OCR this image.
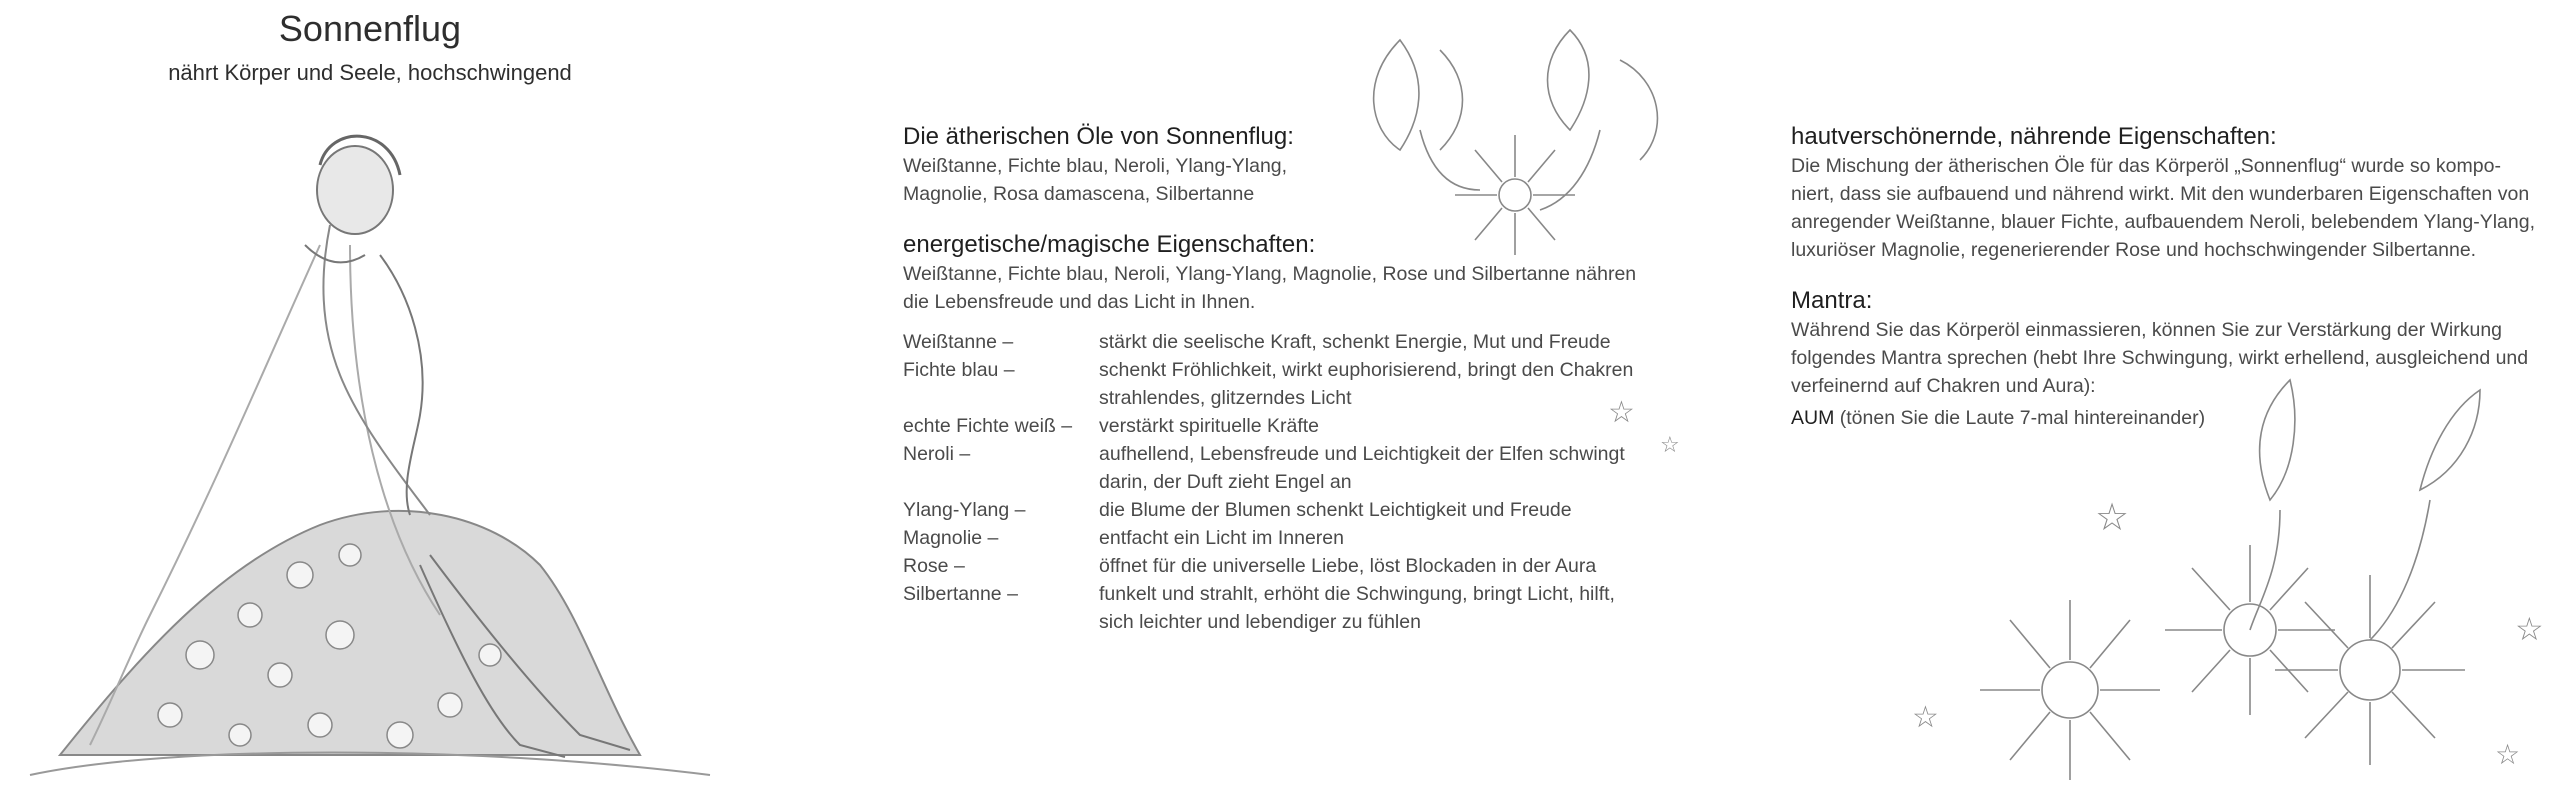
Sonnenflug
nährt Körper und Seele, hochschwingend
☆
☆
☆
☆
☆
☆
Die ätherischen Öle von Sonnenflug:

Weißtanne, Fichte blau, Neroli, Ylang-Ylang,

Magnolie, Rosa damascena, Silbertanne

energetische/magische Eigenschaften:

Weißtanne, Fichte blau, Neroli, Ylang-Ylang, Magnolie, Rose und Silbertanne nähren

die Lebensfreude und das Licht in Ihnen.

Weißtanne –	stärkt die seelische Kraft, schenkt Energie, Mut und Freude

Fichte blau –	schenkt Fröhlichkeit, wirkt euphorisierend, bringt den Chakren
strahlendes, glitzerndes Licht

echte Fichte weiß –	verstärkt spirituelle Kräfte

Neroli –	aufhellend, Lebensfreude und Leichtigkeit der Elfen schwingt
darin, der Duft zieht Engel an

Ylang-Ylang –	die Blume der Blumen schenkt Leichtigkeit und Freude

Magnolie –	entfacht ein Licht im Inneren

Rose –	öffnet für die universelle Liebe, löst Blockaden in der Aura

Silbertanne –	funkelt und strahlt, erhöht die Schwingung, bringt Licht, hilft,
sich leichter und lebendiger zu fühlen
hautverschönernde, nährende Eigenschaften:

Die Mischung der ätherischen Öle für das Körperöl „Sonnenflug“ wurde so kompo-

niert, dass sie aufbauend und nährend wirkt. Mit den wunderbaren Eigenschaften von

anregender Weißtanne, blauer Fichte, aufbauendem Neroli, belebendem Ylang-Ylang,

luxuriöser Magnolie, regenerierender Rose und hochschwingender Silbertanne.

Mantra:

Während Sie das Körperöl einmassieren, können Sie zur Verstärkung der Wirkung

folgendes Mantra sprechen (hebt Ihre Schwingung, wirkt erhellend, ausgleichend und

verfeinernd auf Chakren und Aura):

AUM (tönen Sie die Laute 7-mal hintereinander)
